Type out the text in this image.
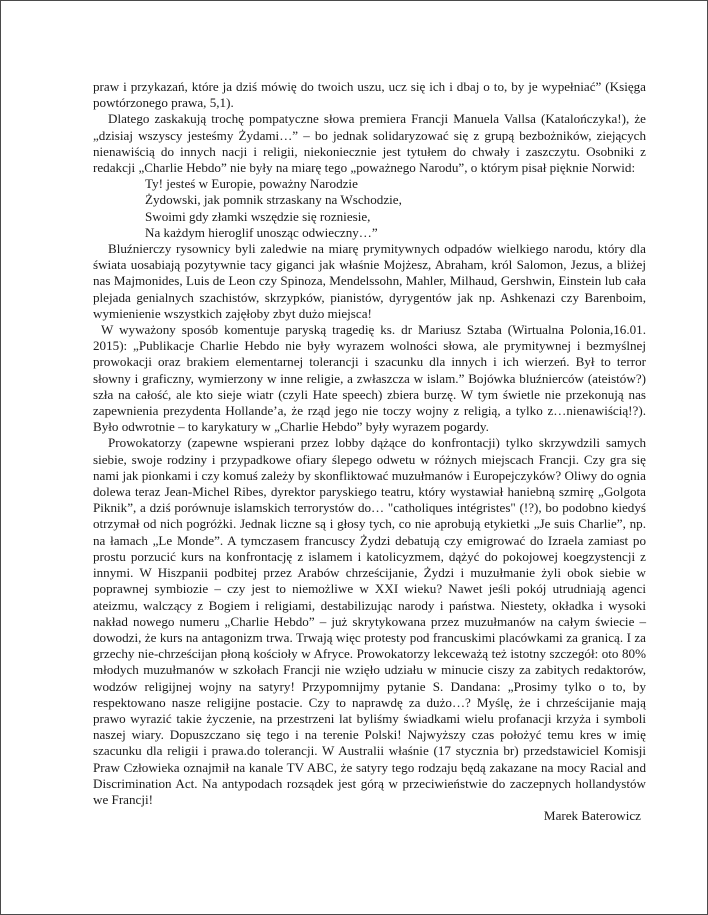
praw i przykazań, które ja dziś mówię do twoich uszu, ucz się ich i dbaj o to, by je wypełniać” (Księga powtórzonego prawa, 5,1).

Dlatego zaskakują trochę pompatyczne słowa premiera Francji Manuela Vallsa (Katalończyka!), że „dzisiaj wszyscy jesteśmy Żydami…” – bo jednak solidaryzować się z grupą bezbożników, ziejących nienawiścią do innych nacji i religii, niekoniecznie jest tytułem do chwały i zaszczytu. Osobniki z redakcji „Charlie Hebdo” nie były na miarę tego „poważnego Narodu”, o którym pisał pięknie Norwid:

Ty! jesteś w Europie, poważny Narodzie
Żydowski, jak pomnik strzaskany na Wschodzie,
Swoimi gdy złamki wszędzie się rozniesie,
Na każdym hieroglif unosząc odwieczny…”

Bluźnierczy rysownicy byli zaledwie na miarę prymitywnych odpadów wielkiego narodu, który dla świata uosabiają pozytywnie tacy giganci jak właśnie Mojżesz, Abraham, król Salomon, Jezus, a bliżej nas Majmonides, Luis de Leon czy Spinoza, Mendelssohn, Mahler, Milhaud, Gershwin, Einstein lub cała plejada genialnych szachistów, skrzypków, pianistów, dyrygentów jak np. Ashkenazi czy Barenboim, wymienienie wszystkich zajęłoby zbyt dużo miejsca!

W wyważony sposób komentuje paryską tragedię ks. dr Mariusz Sztaba (Wirtualna Polonia,16.01. 2015): „Publikacje Charlie Hebdo nie były wyrazem wolności słowa, ale prymitywnej i bezmyślnej prowokacji oraz brakiem elementarnej tolerancji i szacunku dla innych i ich wierzeń. Był to terror słowny i graficzny, wymierzony w inne religie, a zwłaszcza w islam.” Bojówka bluźnierców (ateistów?) szła na całość, ale kto sieje wiatr (czyli Hate speech) zbiera burzę. W tym świetle nie przekonują nas zapewnienia prezydenta Hollande’a, że rząd jego nie toczy wojny z religią, a tylko z…nienawiścią!?). Było odwrotnie – to karykatury w „Charlie Hebdo” były wyrazem pogardy.

Prowokatorzy (zapewne wspierani przez lobby dążące do konfrontacji) tylko skrzywdzili samych siebie, swoje rodziny i przypadkowe ofiary ślepego odwetu w różnych miejscach Francji. Czy gra się nami jak pionkami i czy komuś zależy by skonfliktować muzułmanów i Europejczyków? Oliwy do ognia dolewa teraz Jean-Michel Ribes, dyrektor paryskiego teatru, który wystawiał haniebną szmirę „Golgota Piknik”, a dziś porównuje islamskich terrorystów do… "catholiques intégristes" (!?), bo podobno kiedyś otrzymał od nich pogróżki. Jednak liczne są i głosy tych, co nie aprobują etykietki „Je suis Charlie”, np. na łamach „Le Monde”. A tymczasem francuscy Żydzi debatują czy emigrować do Izraela zamiast po prostu porzucić kurs na konfrontację z islamem i katolicyzmem, dążyć do pokojowej koegzystencji z innymi. W Hiszpanii podbitej przez Arabów chrześcijanie, Żydzi i muzułmanie żyli obok siebie w poprawnej symbiozie – czy jest to niemożliwe w XXI wieku? Nawet jeśli pokój utrudniają agenci ateizmu, walczący z Bogiem i religiami, destabilizując narody i państwa. Niestety, okładka i wysoki nakład nowego numeru „Charlie Hebdo” – już skrytykowana przez muzułmanów na całym świecie – dowodzi, że kurs na antagonizm trwa. Trwają więc protesty pod francuskimi placówkami za granicą. I za grzechy nie-chrześcijan płoną kościoły w Afryce. Prowokatorzy lekceważą też istotny szczegół: oto 80% młodych muzułmanów w szkołach Francji nie wzięło udziału w minucie ciszy za zabitych redaktorów, wodzów religijnej wojny na satyry! Przypomnijmy pytanie S. Dandana: „Prosimy tylko o to, by respektowano nasze religijne postacie. Czy to naprawdę za dużo…? Myślę, że i chrześcijanie mają prawo wyrazić takie życzenie, na przestrzeni lat byliśmy świadkami wielu profanacji krzyża i symboli naszej wiary. Dopuszczano się tego i na terenie Polski! Najwyższy czas położyć temu kres w imię szacunku dla religii i prawa.do tolerancji. W Australii właśnie (17 stycznia br) przedstawiciel Komisji Praw Człowieka oznajmił na kanale TV ABC, że satyry tego rodzaju będą zakazane na mocy Racial and Discrimination Act. Na antypodach rozsądek jest górą w przeciwieństwie do zaczepnych hollandystów we Francji!

Marek Baterowicz
